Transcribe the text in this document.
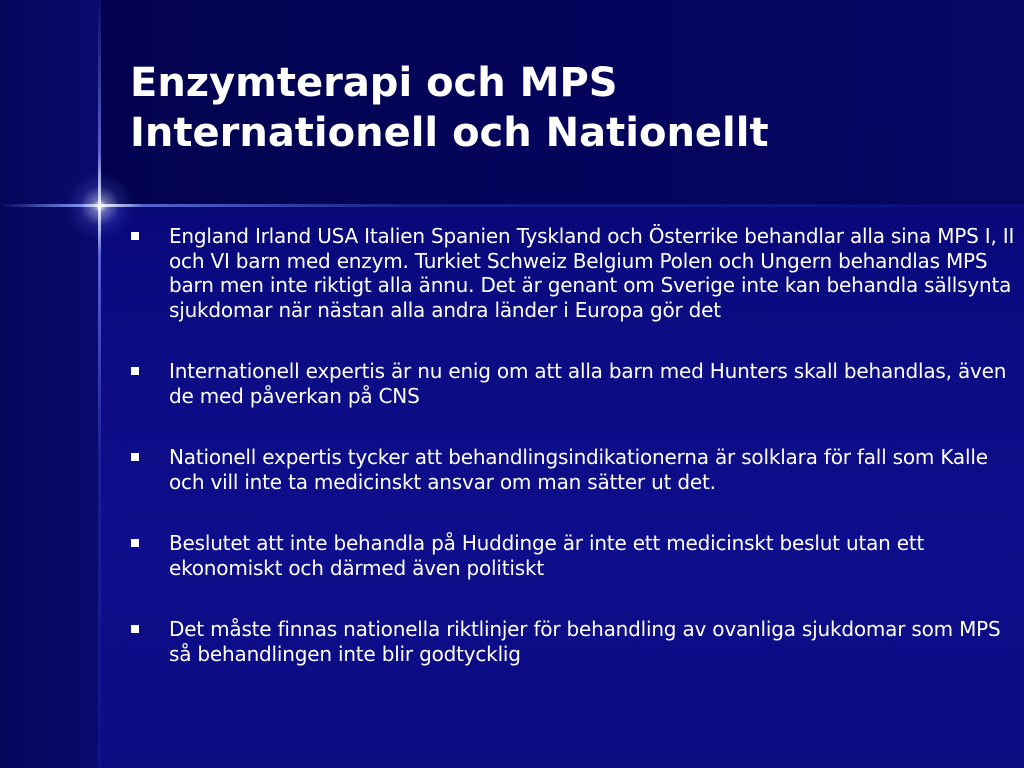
Enzymterapi och MPS
Internationell och Nationellt
England Irland USA Italien Spanien Tyskland och Österrike behandlar alla sina MPS I, II och VI barn med enzym. Turkiet Schweiz Belgium Polen och Ungern behandlas MPS barn men inte riktigt alla ännu. Det är genant om Sverige inte kan behandla sällsynta sjukdomar när nästan alla andra länder i Europa gör det
Internationell expertis är nu enig om att alla barn med Hunters skall behandlas, även de med påverkan på CNS
Nationell expertis tycker att behandlingsindikationerna är solklara för fall som Kalle och vill inte ta medicinskt ansvar om man sätter ut det.
Beslutet att inte behandla på Huddinge är inte ett medicinskt beslut utan ett ekonomiskt och därmed även politiskt
Det måste finnas nationella riktlinjer för behandling av ovanliga sjukdomar som MPS så behandlingen inte blir godtycklig
